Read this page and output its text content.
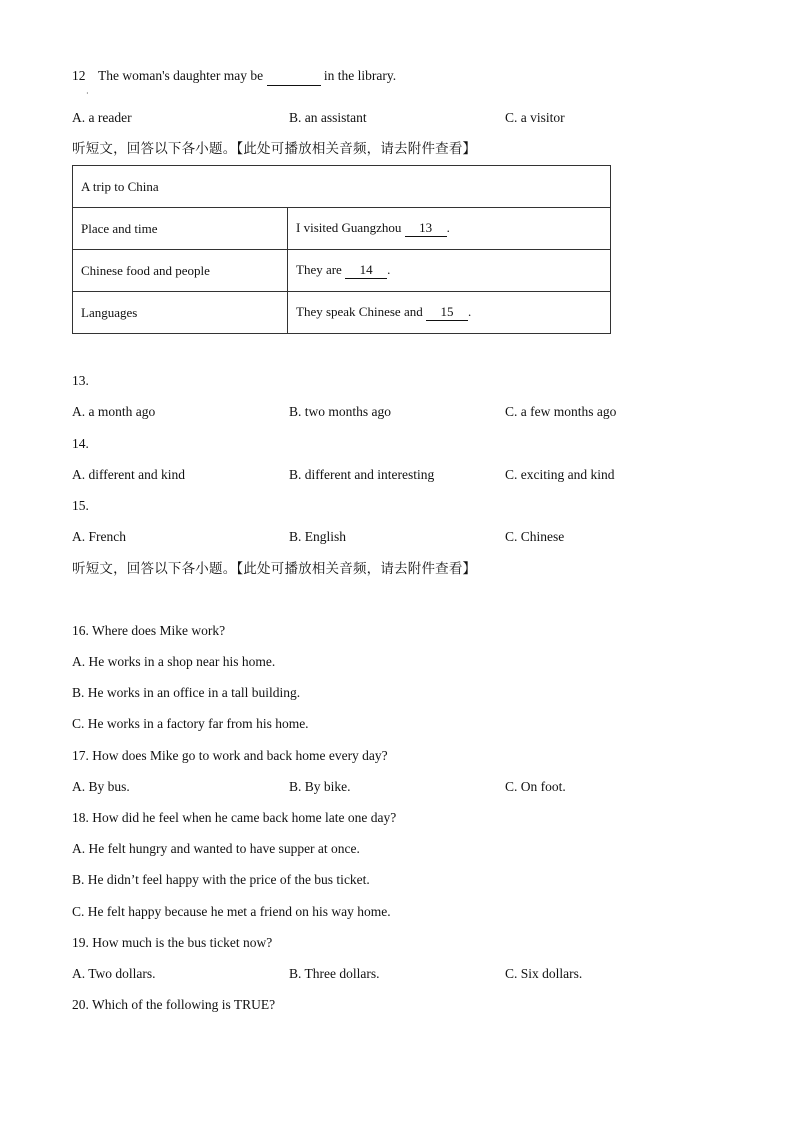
12 The woman's daughter may be	in the library.
·
A. a reader	B. an assistant	C. a visitor
听短文，回答以下各小题。【此处可播放相关音频，请去附件查看】
A trip to China	
Place and time	I visited Guangzhou 13 .
Chinese food and people	They are 14 .
Languages	They speak Chinese and 15 .
13.
A. a month ago	B. two months ago	C. a few months ago
14.
A. different and kind	B. different and interesting	C. exciting and kind
15.
A. French	B. English	C. Chinese
听短文，回答以下各小题。【此处可播放相关音频，请去附件查看】
16. Where does Mike work?
A. He works in a shop near his home.
B. He works in an office in a tall building.
C. He works in a factory far from his home.
17. How does Mike go to work and back home every day?
A. By bus.	B. By bike.	C. On foot.
18. How did he feel when he came back home late one day?
A. He felt hungry and wanted to have supper at once.
B. He didn’t feel happy with the price of the bus ticket.
C. He felt happy because he met a friend on his way home.
19. How much is the bus ticket now?
A. Two dollars.	B. Three dollars.	C. Six dollars.
20. Which of the following is TRUE?
